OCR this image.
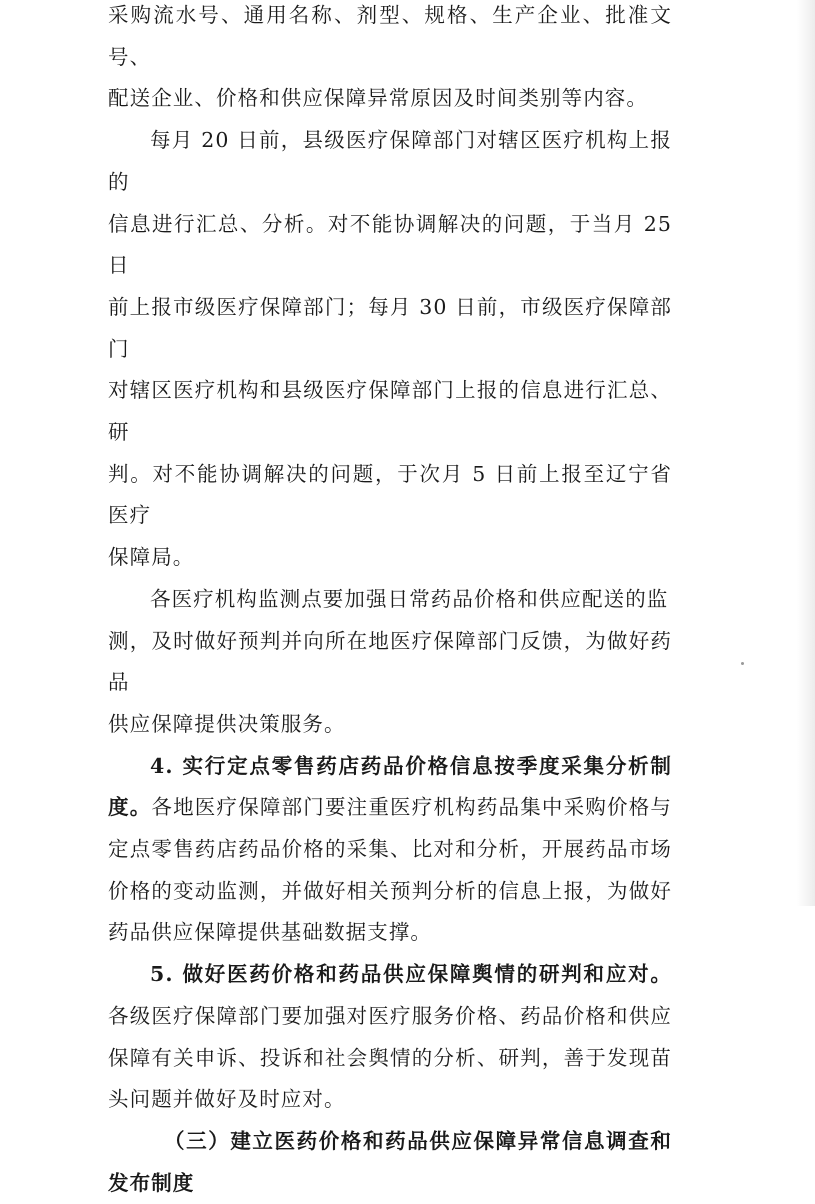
采购流水号、通用名称、剂型、规格、生产企业、批准文号、
配送企业、价格和供应保障异常原因及时间类别等内容。

每月 20 日前，县级医疗保障部门对辖区医疗机构上报的
信息进行汇总、分析。对不能协调解决的问题，于当月 25 日
前上报市级医疗保障部门；每月 30 日前，市级医疗保障部门
对辖区医疗机构和县级医疗保障部门上报的信息进行汇总、研
判。对不能协调解决的问题，于次月 5 日前上报至辽宁省医疗
保障局。

各医疗机构监测点要加强日常药品价格和供应配送的监
测，及时做好预判并向所在地医疗保障部门反馈，为做好药品
供应保障提供决策服务。

4. 实行定点零售药店药品价格信息按季度采集分析制度。各地医疗保障部门要注重医疗机构药品集中采购价格与定点零售药店药品价格的采集、比对和分析，开展药品市场价格的变动监测，并做好相关预判分析的信息上报，为做好药品供应保障提供基础数据支撑。

5. 做好医药价格和药品供应保障舆情的研判和应对。各级医疗保障部门要加强对医疗服务价格、药品价格和供应保障有关申诉、投诉和社会舆情的分析、研判，善于发现苗头问题并做好及时应对。

（三）建立医药价格和药品供应保障异常信息调查和发布制度
